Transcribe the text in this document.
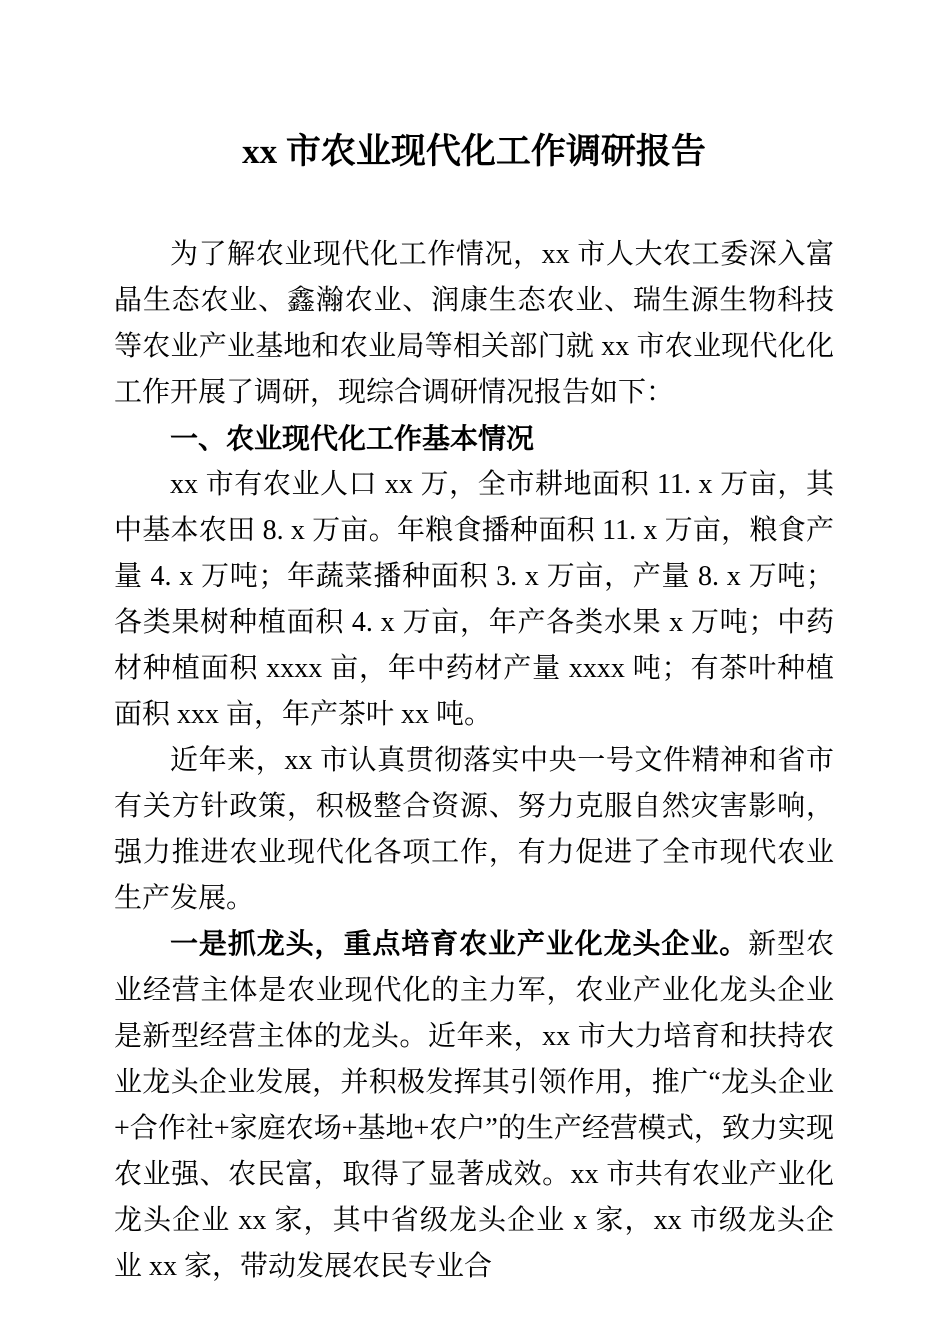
xx 市农业现代化工作调研报告

为了解农业现代化工作情况，xx 市人大农工委深入富晶生态农业、鑫瀚农业、润康生态农业、瑞生源生物科技等农业产业基地和农业局等相关部门就 xx 市农业现代化化工作开展了调研，现综合调研情况报告如下：

一、农业现代化工作基本情况

xx 市有农业人口 xx 万，全市耕地面积 11. x 万亩，其中基本农田 8. x 万亩。年粮食播种面积 11. x 万亩，粮食产量 4. x 万吨；年蔬菜播种面积 3. x 万亩，产量 8. x 万吨；各类果树种植面积 4. x 万亩，年产各类水果 x 万吨；中药材种植面积 xxxx 亩，年中药材产量 xxxx 吨；有茶叶种植面积 xxx 亩，年产茶叶 xx 吨。

近年来，xx 市认真贯彻落实中央一号文件精神和省市有关方针政策，积极整合资源、努力克服自然灾害影响，强力推进农业现代化各项工作，有力促进了全市现代农业生产发展。

一是抓龙头，重点培育农业产业化龙头企业。新型农业经营主体是农业现代化的主力军，农业产业化龙头企业是新型经营主体的龙头。近年来，xx 市大力培育和扶持农业龙头企业发展，并积极发挥其引领作用，推广“龙头企业+合作社+家庭农场+基地+农户”的生产经营模式，致力实现农业强、农民富，取得了显著成效。xx 市共有农业产业化龙头企业 xx 家，其中省级龙头企业 x 家，xx 市级龙头企业 xx 家，带动发展农民专业合
